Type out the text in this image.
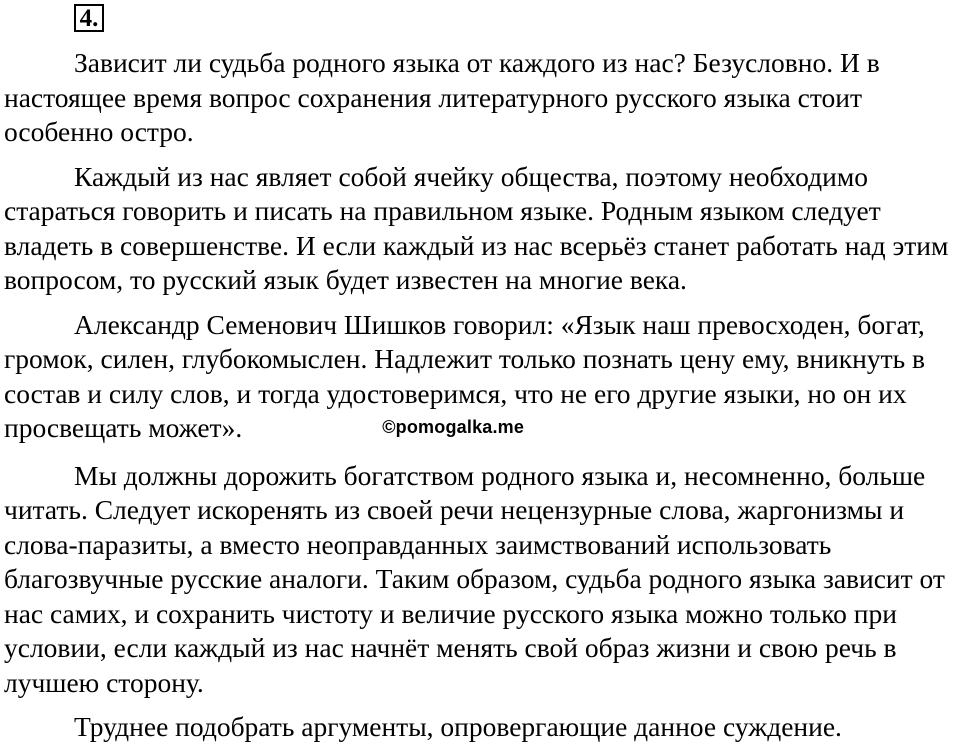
4.

Зависит ли судьба родного языка от каждого из нас? Безусловно. И в настоящее время вопрос сохранения литературного русского языка стоит особенно остро.

Каждый из нас являет собой ячейку общества, поэтому необходимо стараться говорить и писать на правильном языке. Родным языком следует владеть в совершенстве. И если каждый из нас всерьёз станет работать над этим вопросом, то русский язык будет известен на многие века.

Александр Семенович Шишков говорил: «Язык наш превосходен, богат, громок, силен, глубокомыслен. Надлежит только познать цену ему, вникнуть в состав и силу слов, и тогда удостоверимся, что не его другие языки, но он их просвещать может».	©pomogalka.me

Мы должны дорожить богатством родного языка и, несомненно, больше читать. Следует искоренять из своей речи нецензурные слова, жаргонизмы и слова-паразиты, а вместо неоправданных заимствований использовать благозвучные русские аналоги. Таким образом, судьба родного языка зависит от нас самих, и сохранить чистоту и величие русского языка можно только при условии, если каждый из нас начнёт менять свой образ жизни и свою речь в лучшею сторону.

Труднее подобрать аргументы, опровергающие данное суждение.
